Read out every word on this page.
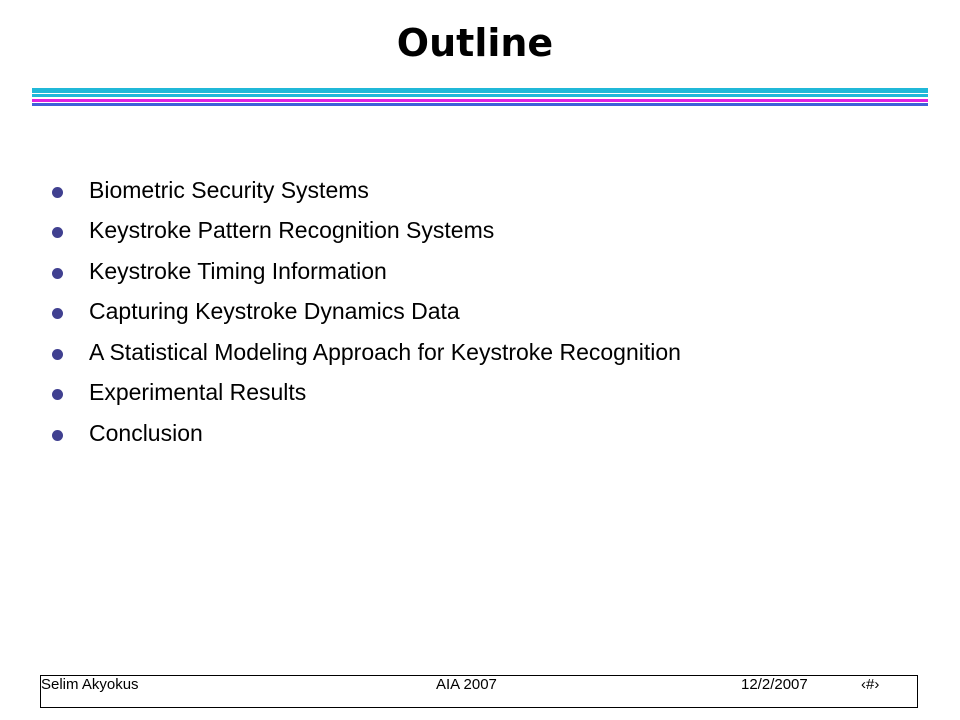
Outline
Biometric Security Systems
Keystroke Pattern Recognition Systems
Keystroke Timing Information
Capturing Keystroke Dynamics Data
A Statistical Modeling Approach for Keystroke Recognition
Experimental Results
Conclusion
Selim Akyokus	AIA 2007	12/2/2007	‹#›
